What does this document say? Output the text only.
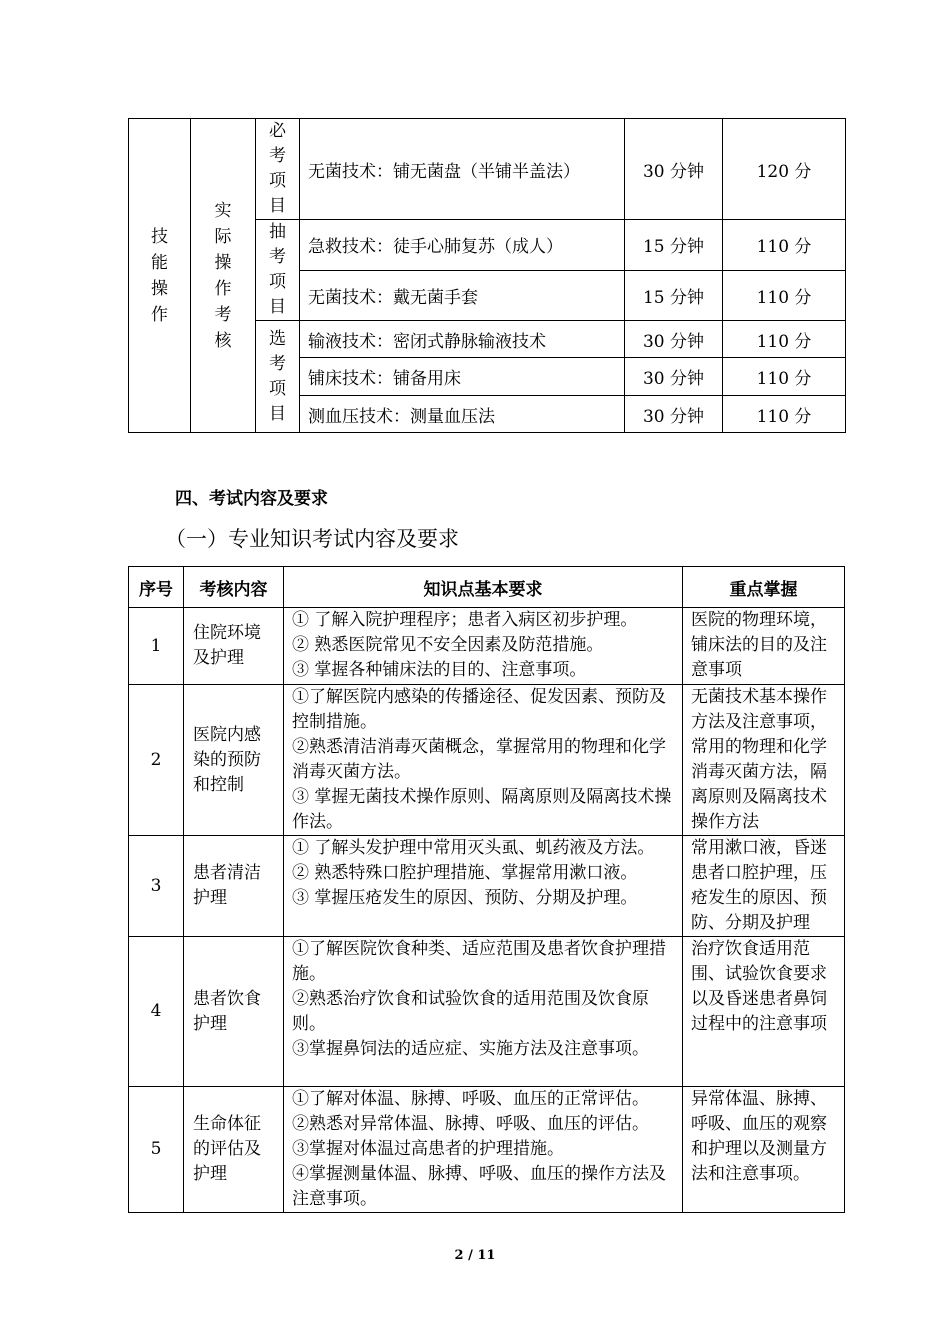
技能操作	实际操作考核	必考项目	无菌技术：铺无菌盘（半铺半盖法）	30 分钟	120 分

		抽考项目	急救技术：徒手心肺复苏（成人）	15 分钟	110 分
			无菌技术：戴无菌手套	15 分钟	110 分

		选考项目	输液技术：密闭式静脉输液技术	30 分钟	110 分
			铺床技术：铺备用床	30 分钟	110 分
			测血压技术：测量血压法	30 分钟	110 分
四、考试内容及要求
（一）专业知识考试内容及要求
序号	考核内容	知识点基本要求	重点掌握
1	住院环境及护理	① 了解入院护理程序；患者入病区初步护理。
② 熟悉医院常见不安全因素及防范措施。
③ 掌握各种铺床法的目的、注意事项。	医院的物理环境，铺床法的目的及注意事项
2	医院内感染的预防和控制	①了解医院内感染的传播途径、促发因素、预防及控制措施。
②熟悉清洁消毒灭菌概念，掌握常用的物理和化学消毒灭菌方法。
③ 掌握无菌技术操作原则、隔离原则及隔离技术操作法。	无菌技术基本操作方法及注意事项，常用的物理和化学消毒灭菌方法，隔离原则及隔离技术操作方法
3	患者清洁护理	① 了解头发护理中常用灭头虱、虮药液及方法。
② 熟悉特殊口腔护理措施、掌握常用漱口液。
③ 掌握压疮发生的原因、预防、分期及护理。	常用漱口液，昏迷患者口腔护理，压疮发生的原因、预防、分期及护理
4	患者饮食护理	①了解医院饮食种类、适应范围及患者饮食护理措施。
②熟悉治疗饮食和试验饮食的适用范围及饮食原则。
③掌握鼻饲法的适应症、实施方法及注意事项。	治疗饮食适用范围、试验饮食要求以及昏迷患者鼻饲过程中的注意事项
5	生命体征的评估及护理	①了解对体温、脉搏、呼吸、血压的正常评估。
②熟悉对异常体温、脉搏、呼吸、血压的评估。
③掌握对体温过高患者的护理措施。
④掌握测量体温、脉搏、呼吸、血压的操作方法及注意事项。	异常体温、脉搏、呼吸、血压的观察和护理以及测量方法和注意事项。
2 / 11
